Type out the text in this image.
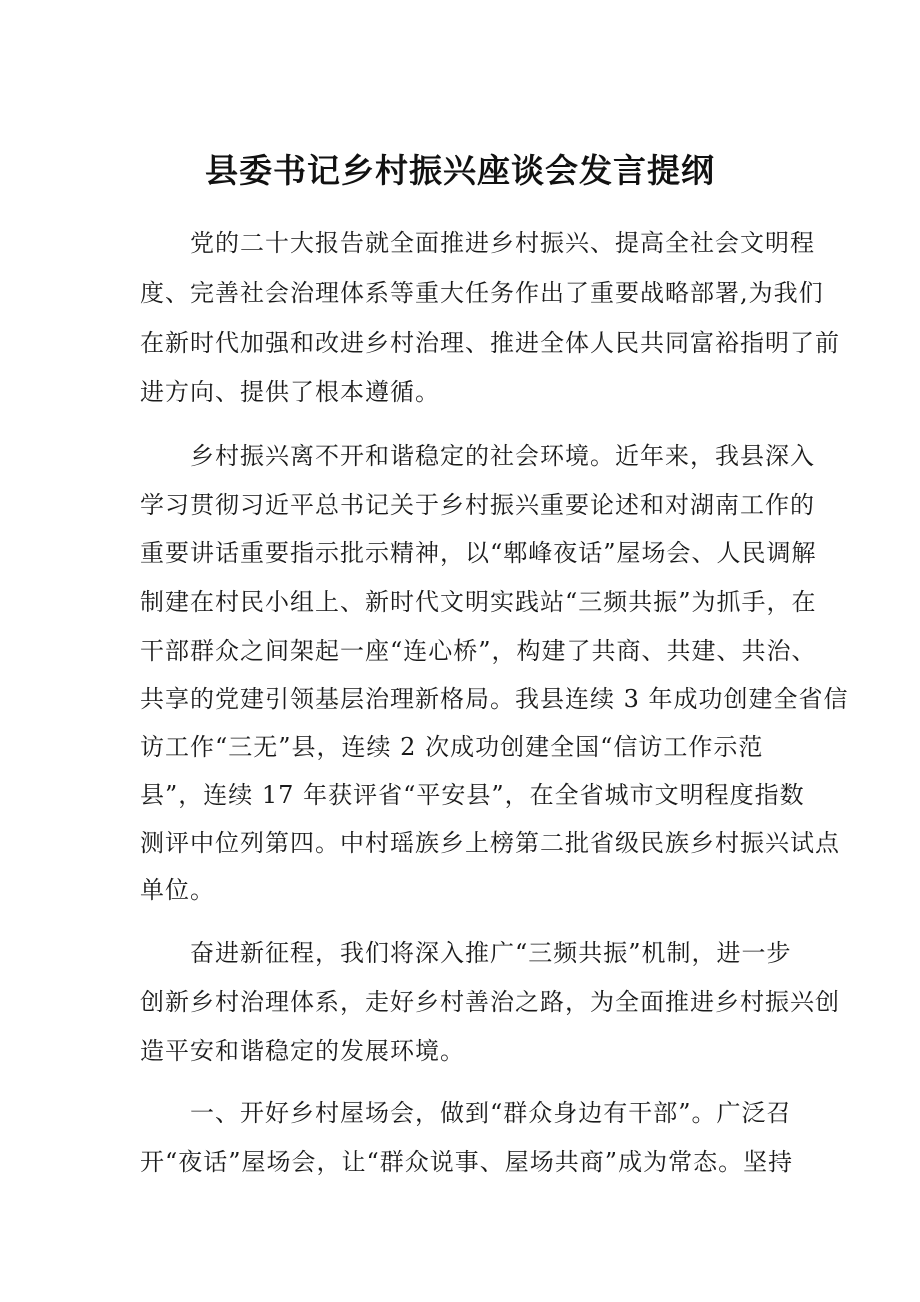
县委书记乡村振兴座谈会发言提纲
党的二十大报告就全面推进乡村振兴、提高全社会文明程
度、完善社会治理体系等重大任务作出了重要战略部署,为我们
在新时代加强和改进乡村治理、推进全体人民共同富裕指明了前
进方向、提供了根本遵循。
乡村振兴离不开和谐稳定的社会环境。近年来，我县深入
学习贯彻习近平总书记关于乡村振兴重要论述和对湖南工作的
重要讲话重要指示批示精神，以“郫峰夜话”屋场会、人民调解
制建在村民小组上、新时代文明实践站“三频共振”为抓手，在
干部群众之间架起一座“连心桥”，构建了共商、共建、共治、
共享的党建引领基层治理新格局。我县连续 3 年成功创建全省信
访工作“三无”县，连续 2 次成功创建全国“信访工作示范
县”，连续 17 年获评省“平安县”，在全省城市文明程度指数
测评中位列第四。中村瑶族乡上榜第二批省级民族乡村振兴试点
单位。
奋进新征程，我们将深入推广“三频共振”机制，进一步
创新乡村治理体系，走好乡村善治之路，为全面推进乡村振兴创
造平安和谐稳定的发展环境。
一、开好乡村屋场会，做到“群众身边有干部”。广泛召
开“夜话”屋场会，让“群众说事、屋场共商”成为常态。坚持
